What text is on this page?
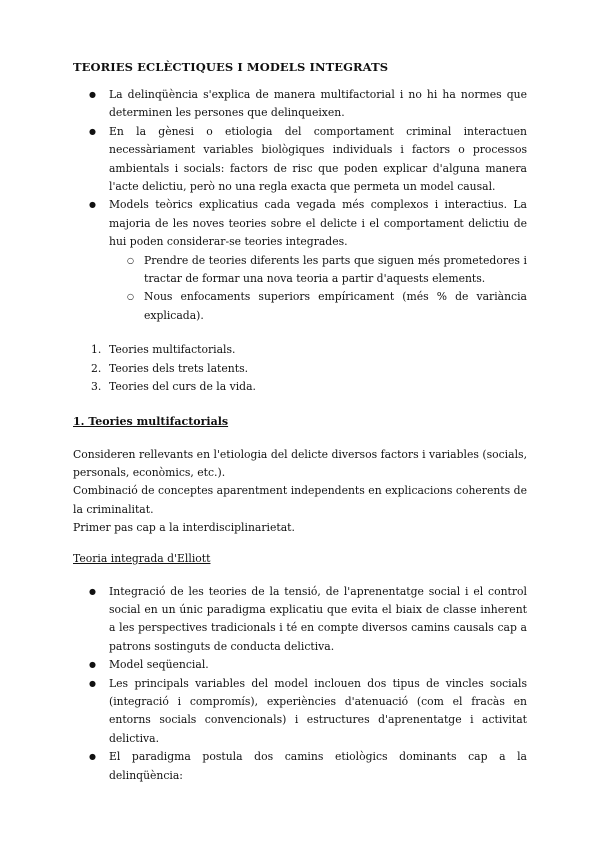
TEORIES ECLÈCTIQUES I MODELS INTEGRATS
● La delinqüència s'explica de manera multifactorial i no hi ha normes que determinen les persones que delinqueixen.
● En la gènesi o etiologia del comportament criminal interactuen necessàriament variables biològiques individuals i factors o processos ambientals i socials: factors de risc que poden explicar d'alguna manera l'acte delictiu, però no una regla exacta que permeta un model causal.
● Models teòrics explicatius cada vegada més complexos i interactius. La majoria de les noves teories sobre el delicte i el comportament delictiu de hui poden considerar-se teories integrades.
○ Prendre de teories diferents les parts que siguen més prometedores i tractar de formar una nova teoria a partir d'aquests elements.
○ Nous enfocaments superiors empíricament (més % de variància explicada).
1. Teories multifactorials.
2. Teories dels trets latents.
3. Teories del curs de la vida.
1. Teories multifactorials
Consideren rellevants en l'etiologia del delicte diversos factors i variables (socials, personals, econòmics, etc.).
Combinació de conceptes aparentment independents en explicacions coherents de la criminalitat.
Primer pas cap a la interdisciplinarietat.
Teoria integrada d'Elliott
● Integració de les teories de la tensió, de l'aprenentatge social i el control social en un únic paradigma explicatiu que evita el biaix de classe inherent a les perspectives tradicionals i té en compte diversos camins causals cap a patrons sostinguts de conducta delictiva.
● Model seqüencial.
● Les principals variables del model inclouen dos tipus de vincles socials (integració i compromís), experiències d'atenuació (com el fracàs en entorns socials convencionals) i estructures d'aprenentatge i activitat delictiva.
● El paradigma postula dos camins etiològics dominants cap a la delinqüència:
